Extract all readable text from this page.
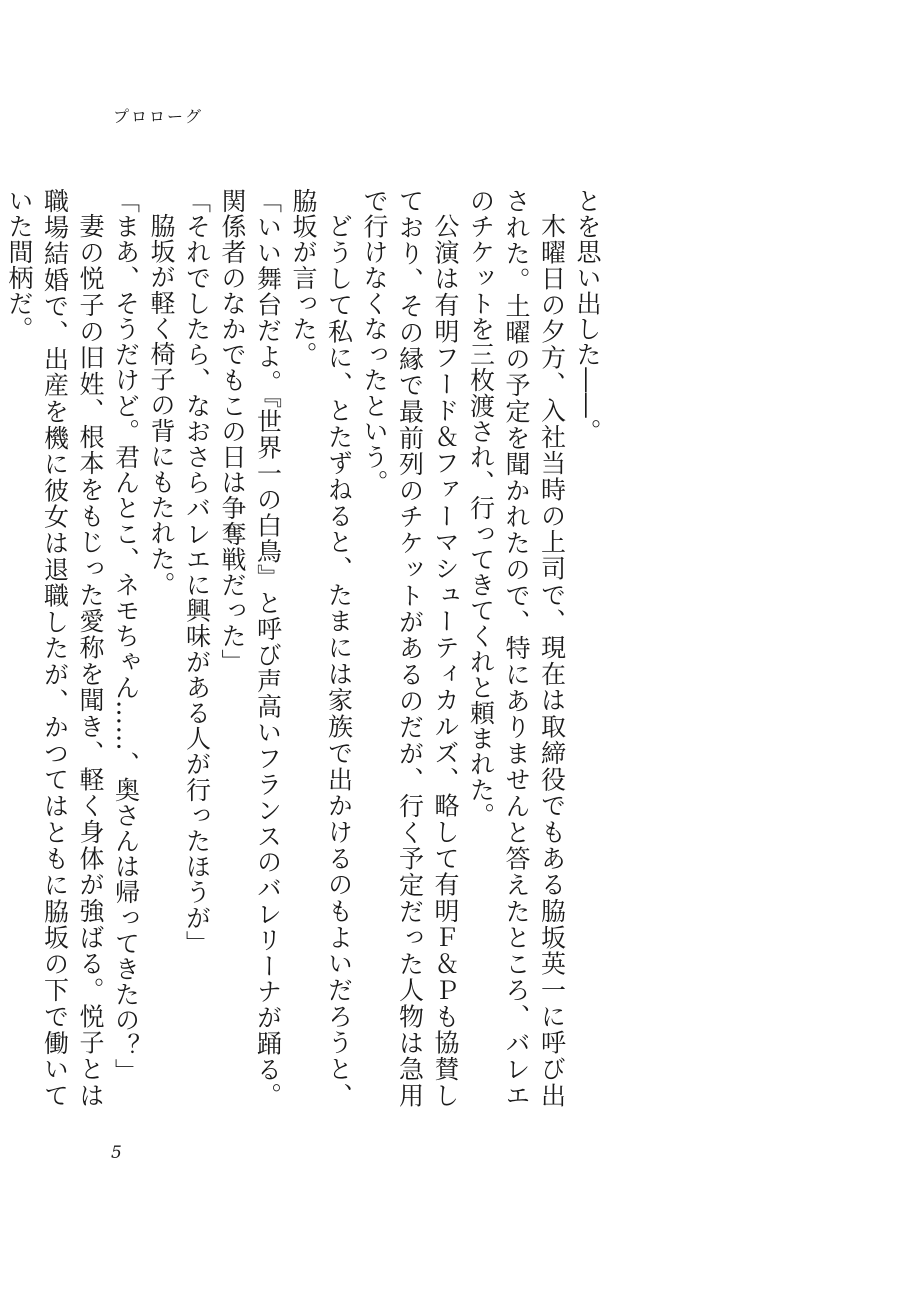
プロローグ

とを思い出した――。

木曜日の夕方、入社当時の上司で、現在は取締役でもある脇坂英一に呼び出された。土曜の予定を聞かれたので、特にありませんと答えたところ、バレエのチケットを三枚渡され、行ってきてくれと頼まれた。

公演は有明フード＆ファーマシューティカルズ、略して有明Ｆ＆Ｐも協賛しており、その縁で最前列のチケットがあるのだが、行く予定だった人物は急用で行けなくなったという。

どうして私に、とたずねると、たまには家族で出かけるのもよいだろうと、脇坂が言った。

「いい舞台だよ。『世界一の白鳥』と呼び声高いフランスのバレリーナが踊る。関係者のなかでもこの日は争奪戦だった」

「それでしたら、なおさらバレエに興味がある人が行ったほうが」

脇坂が軽く椅子の背にもたれた。

「まあ、そうだけど。君んとこ、ネモちゃん……、奥さんは帰ってきたの？」

妻の悦子の旧姓、根本をもじった愛称を聞き、軽く身体が強ばる。悦子とは職場結婚で、出産を機に彼女は退職したが、かつてはともに脇坂の下で働いていた間柄だ。

5
